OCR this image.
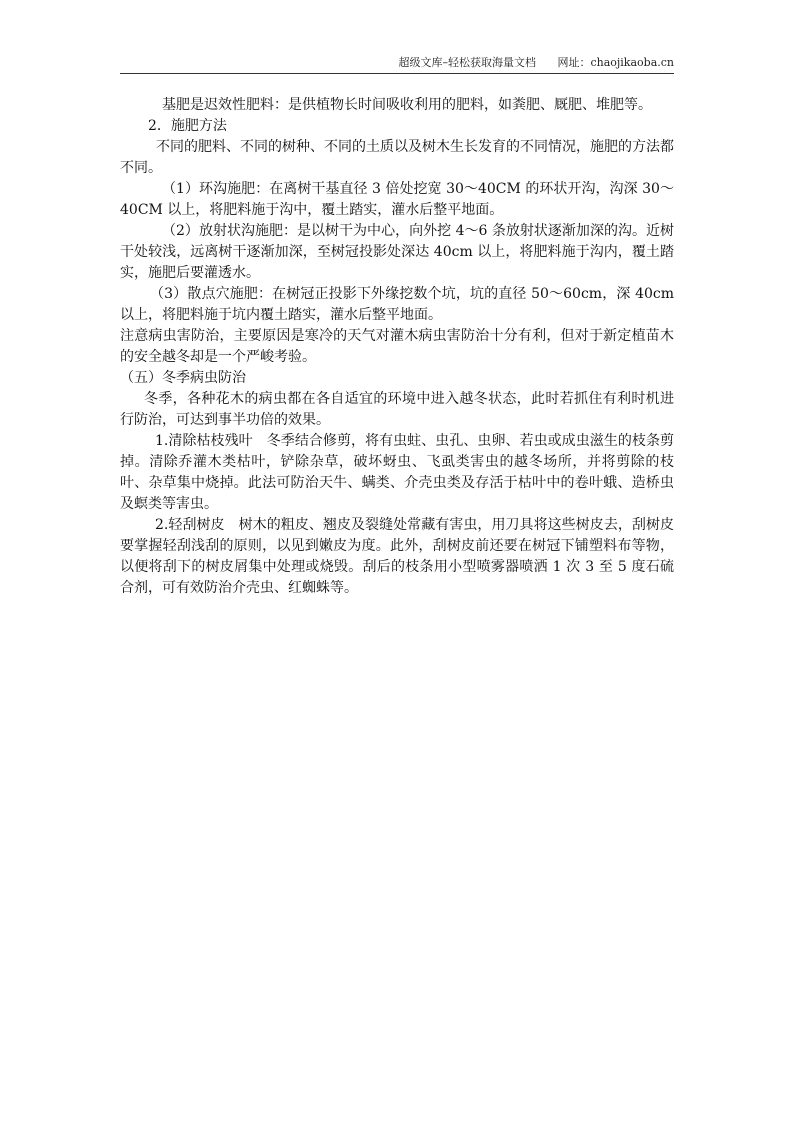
超级文库–轻松获取海量文档 网址：chaojikaoba.cn

基肥是迟效性肥料：是供植物长时间吸收利用的肥料，如粪肥、厩肥、堆肥等。

2．施肥方法

不同的肥料、不同的树种、不同的土质以及树木生长发育的不同情况，施肥的方法都不同。

（1）环沟施肥：在离树干基直径 3 倍处挖宽 30～40CM 的环状开沟，沟深 30～40CM 以上，将肥料施于沟中，覆土踏实，灌水后整平地面。

（2）放射状沟施肥：是以树干为中心，向外挖 4～6 条放射状逐渐加深的沟。近树干处较浅，远离树干逐渐加深，至树冠投影处深达 40cm 以上，将肥料施于沟内，覆土踏实，施肥后要灌透水。

（3）散点穴施肥：在树冠正投影下外缘挖数个坑，坑的直径 50～60cm，深 40cm 以上，将肥料施于坑内覆土踏实，灌水后整平地面。

注意病虫害防治，主要原因是寒冷的天气对灌木病虫害防治十分有利，但对于新定植苗木的安全越冬却是一个严峻考验。

（五）冬季病虫防治

冬季，各种花木的病虫都在各自适宜的环境中进入越冬状态，此时若抓住有利时机进行防治，可达到事半功倍的效果。

1.清除枯枝残叶　冬季结合修剪，将有虫蛀、虫孔、虫卵、若虫或成虫滋生的枝条剪掉。清除乔灌木类枯叶，铲除杂草，破坏蚜虫、飞虱类害虫的越冬场所，并将剪除的枝叶、杂草集中烧掉。此法可防治天牛、螨类、介壳虫类及存活于枯叶中的卷叶蛾、造桥虫及螟类等害虫。

2.轻刮树皮　树木的粗皮、翘皮及裂缝处常藏有害虫，用刀具将这些树皮去，刮树皮要掌握轻刮浅刮的原则，以见到嫩皮为度。此外，刮树皮前还要在树冠下铺塑料布等物，以便将刮下的树皮屑集中处理或烧毁。刮后的枝条用小型喷雾器喷洒 1 次 3 至 5 度石硫合剂，可有效防治介壳虫、红蜘蛛等。
